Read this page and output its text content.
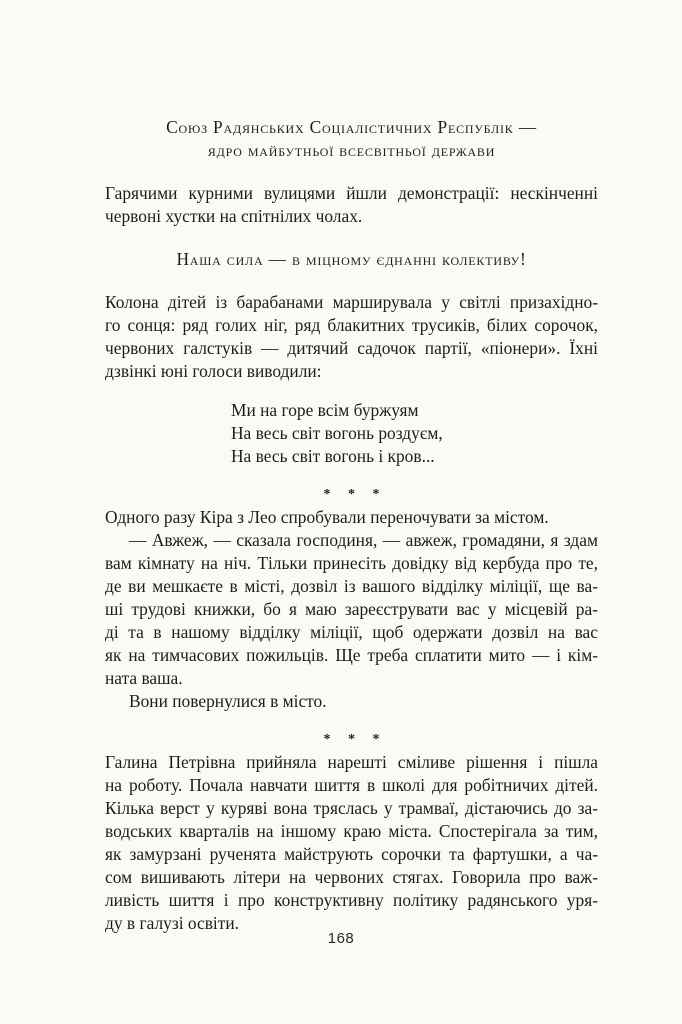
Союз Радянських Соціалістичних Республік —
ядро майбутньої всесвітньої держави
Гарячими курними вулицями йшли демонстрації: нескінченні
червоні хустки на спітнілих чолах.
Наша сила — в міцному єднанні колективу!
Колона дітей із барабанами марширувала у світлі призахідно-
го сонця: ряд голих ніг, ряд блакитних трусиків, білих сорочок,
червоних галстуків — дитячий садочок партії, «піонери». Їхні
дзвінкі юні голоси виводили:
Ми на горе всім буржуям
На весь світ вогонь роздуєм,
На весь світ вогонь і кров...
* * *
Одного разу Кіра з Лео спробували переночувати за містом.
— Авжеж, — сказала господиня, — авжеж, громадяни, я здам
вам кімнату на ніч. Тільки принесіть довідку від кербуда про те,
де ви мешкаєте в місті, дозвіл із вашого відділку міліції, ще ва-
ші трудові книжки, бо я маю зареєструвати вас у місцевій ра-
ді та в нашому відділку міліції, щоб одержати дозвіл на вас
як на тимчасових пожильців. Ще треба сплатити мито — і кім-
ната ваша.
Вони повернулися в місто.
* * *
Галина Петрівна прийняла нарешті сміливе рішення і пішла
на роботу. Почала навчати шиття в школі для робітничих дітей.
Кілька верст у куряві вона тряслась у трамваї, дістаючись до за-
водських кварталів на іншому краю міста. Спостерігала за тим,
як замурзані рученята майструють сорочки та фартушки, а ча-
сом вишивають літери на червоних стягах. Говорила про важ-
ливість шиття і про конструктивну політику радянського уря-
ду в галузі освіти.
168
